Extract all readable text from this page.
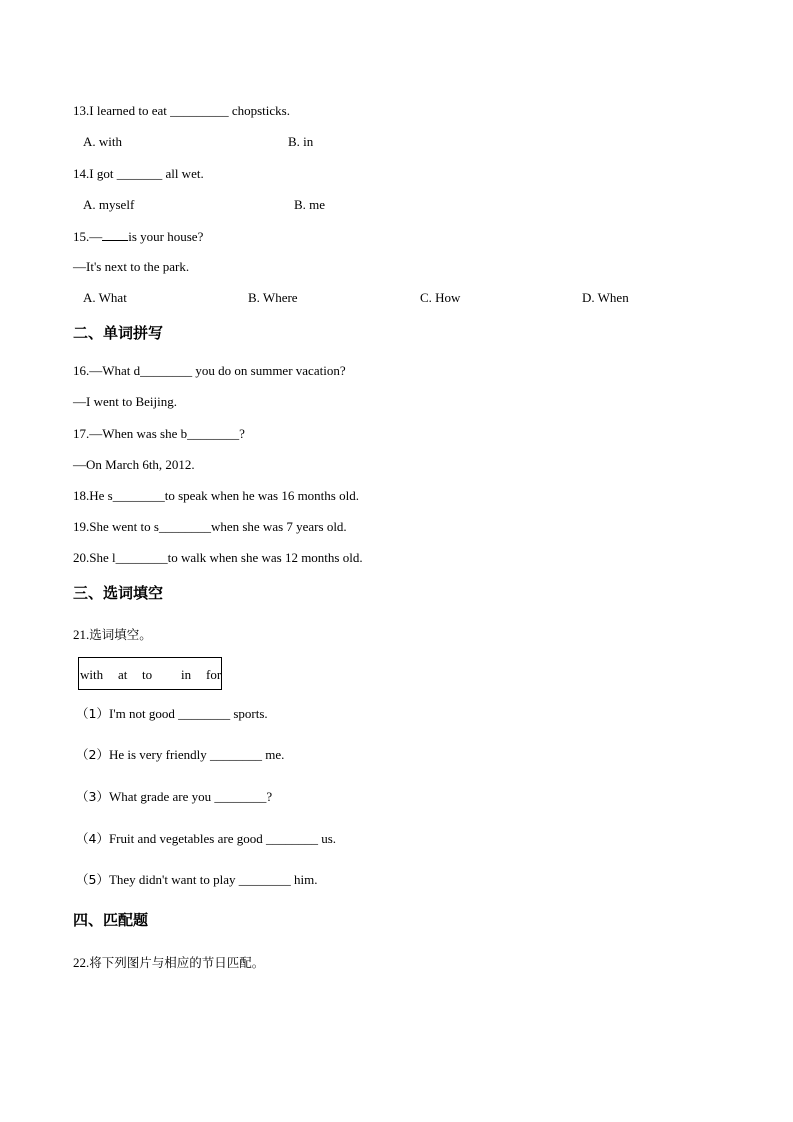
13.I learned to eat _________ chopsticks.
A. with	B. in
14.I got _______ all wet.
A. myself	B. me
15.— is your house?
—It's next to the park.
A. What	B. Where	C. How	D. When
二、单词拼写
16.—What d________ you do on summer vacation?
—I went to Beijing.
17.—When was she b________?
—On March 6th, 2012.
18.He s________to speak when he was 16 months old.
19.She went to s________when she was 7 years old.
20.She l________to walk when she was 12 months old.
三、选词填空
21.选词填空。
with at to in for
（1）I'm not good ________ sports.
（2）He is very friendly ________ me.
（3）What grade are you ________?
（4）Fruit and vegetables are good ________ us.
（5）They didn't want to play ________ him.
四、匹配题
22.将下列图片与相应的节日匹配。
